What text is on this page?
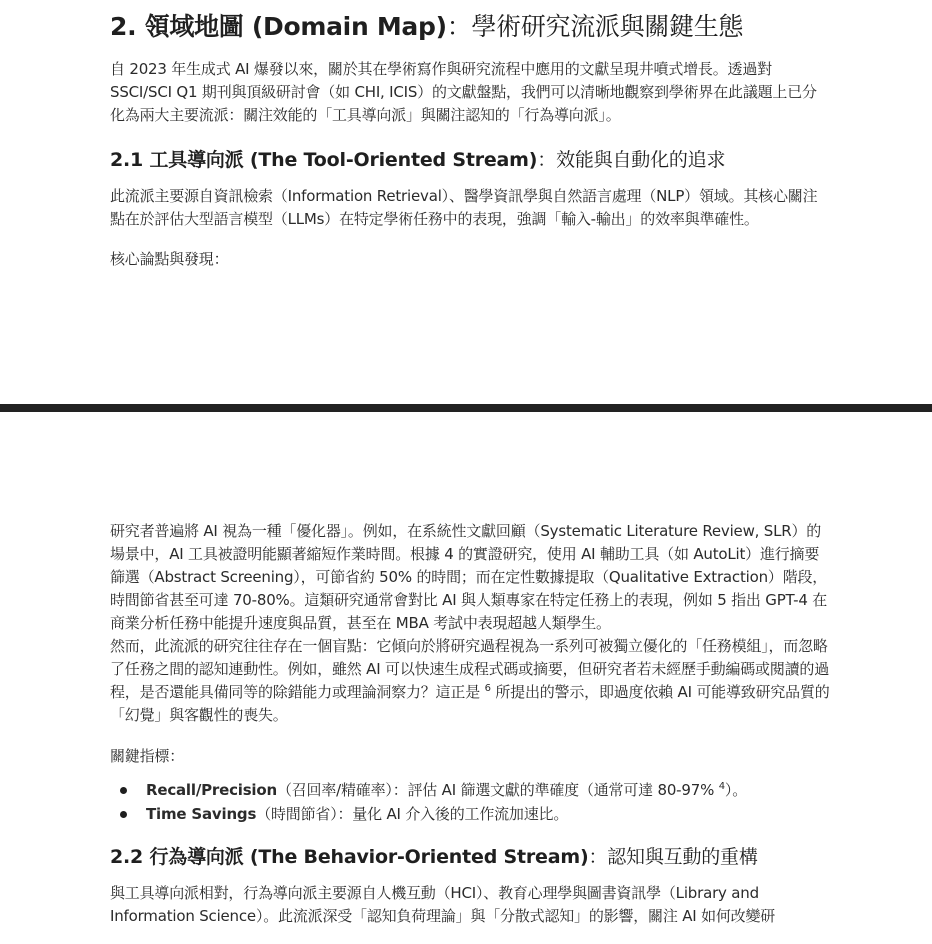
2. 領域地圖 (Domain Map)：學術研究流派與關鍵生態

自 2023 年生成式 AI 爆發以來，關於其在學術寫作與研究流程中應用的文獻呈現井噴式增長。透過對 SSCI/SCI Q1 期刊與頂級研討會（如 CHI, ICIS）的文獻盤點，我們可以清晰地觀察到學術界在此議題上已分化為兩大主要流派：關注效能的「工具導向派」與關注認知的「行為導向派」。

2.1 工具導向派 (The Tool-Oriented Stream)：效能與自動化的追求

此流派主要源自資訊檢索（Information Retrieval）、醫學資訊學與自然語言處理（NLP）領域。其核心關注點在於評估大型語言模型（LLMs）在特定學術任務中的表現，強調「輸入-輸出」的效率與準確性。

核心論點與發現：

研究者普遍將 AI 視為一種「優化器」。例如，在系統性文獻回顧（Systematic Literature Review, SLR）的場景中，AI 工具被證明能顯著縮短作業時間。根據 4 的實證研究，使用 AI 輔助工具（如 AutoLit）進行摘要篩選（Abstract Screening），可節省約 50% 的時間；而在定性數據提取（Qualitative Extraction）階段，時間節省甚至可達 70-80%。這類研究通常會對比 AI 與人類專家在特定任務上的表現，例如 5 指出 GPT-4 在商業分析任務中能提升速度與品質，甚至在 MBA 考試中表現超越人類學生。

然而，此流派的研究往往存在一個盲點：它傾向於將研究過程視為一系列可被獨立優化的「任務模組」，而忽略了任務之間的認知連動性。例如，雖然 AI 可以快速生成程式碼或摘要，但研究者若未經歷手動編碼或閱讀的過程，是否還能具備同等的除錯能力或理論洞察力？這正是 $^6$ 所提出的警示，即過度依賴 AI 可能導致研究品質的「幻覺」與客觀性的喪失。

關鍵指標：

Recall/Precision（召回率/精確率）：評估 AI 篩選文獻的準確度（通常可達 80-97% $^4$）。
Time Savings（時間節省）：量化 AI 介入後的工作流加速比。
2.2 行為導向派 (The Behavior-Oriented Stream)：認知與互動的重構

與工具導向派相對，行為導向派主要源自人機互動（HCI）、教育心理學與圖書資訊學（Library and Information Science）。此流派深受「認知負荷理論」與「分散式認知」的影響，關注 AI 如何改變研
